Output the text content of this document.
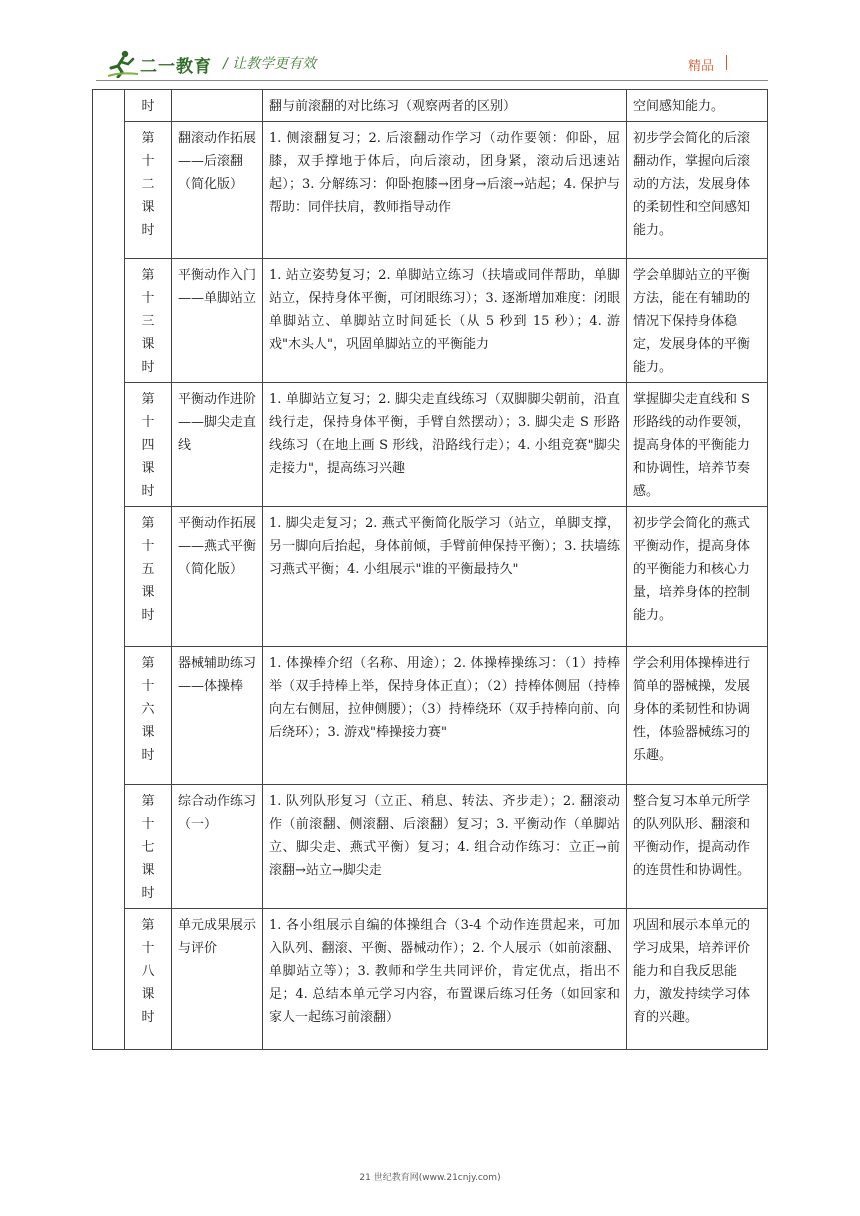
二一教育 / 让教学更有效	精品

	时		翻与前滚翻的对比练习（观察两者的区别）	空间感知能力。

	第
十
二
课
时	翻滚动作拓展——后滚翻（简化版）	1. 侧滚翻复习；2. 后滚翻动作学习（动作要领：仰卧，屈膝，双手撑地于体后，向后滚动，团身紧，滚动后迅速站起）；3. 分解练习：仰卧抱膝→团身→后滚→站起；4. 保护与帮助：同伴扶肩，教师指导动作	初步学会简化的后滚翻动作，掌握向后滚动的方法，发展身体的柔韧性和空间感知能力。

	第
十
三
课
时	平衡动作入门——单脚站立	1. 站立姿势复习；2. 单脚站立练习（扶墙或同伴帮助，单脚站立，保持身体平衡，可闭眼练习）；3. 逐渐增加难度：闭眼单脚站立、单脚站立时间延长（从 5 秒到 15 秒）；4. 游戏"木头人"，巩固单脚站立的平衡能力	学会单脚站立的平衡方法，能在有辅助的情况下保持身体稳定，发展身体的平衡能力。

	第
十
四
课
时	平衡动作进阶——脚尖走直线	1. 单脚站立复习；2. 脚尖走直线练习（双脚脚尖朝前，沿直线行走，保持身体平衡，手臂自然摆动）；3. 脚尖走 S 形路线练习（在地上画 S 形线，沿路线行走）；4. 小组竞赛"脚尖走接力"，提高练习兴趣	掌握脚尖走直线和 S 形路线的动作要领，提高身体的平衡能力和协调性，培养节奏感。

	第
十
五
课
时	平衡动作拓展——燕式平衡（简化版）	1. 脚尖走复习；2. 燕式平衡简化版学习（站立，单脚支撑，另一脚向后抬起，身体前倾，手臂前伸保持平衡）；3. 扶墙练习燕式平衡；4. 小组展示"谁的平衡最持久"	初步学会简化的燕式平衡动作，提高身体的平衡能力和核心力量，培养身体的控制能力。

	第
十
六
课
时	器械辅助练习——体操棒	1. 体操棒介绍（名称、用途）；2. 体操棒操练习：（1）持棒举（双手持棒上举，保持身体正直）；（2）持棒体侧屈（持棒向左右侧屈，拉伸侧腰）；（3）持棒绕环（双手持棒向前、向后绕环）；3. 游戏"棒操接力赛"	学会利用体操棒进行简单的器械操，发展身体的柔韧性和协调性，体验器械练习的乐趣。

	第
十
七
课
时	综合动作练习（一）	1. 队列队形复习（立正、稍息、转法、齐步走）；2. 翻滚动作（前滚翻、侧滚翻、后滚翻）复习；3. 平衡动作（单脚站立、脚尖走、燕式平衡）复习；4. 组合动作练习：立正→前滚翻→站立→脚尖走	整合复习本单元所学的队列队形、翻滚和平衡动作，提高动作的连贯性和协调性。

	第
十
八
课
时	单元成果展示与评价	1. 各小组展示自编的体操组合（3-4 个动作连贯起来，可加入队列、翻滚、平衡、器械动作）；2. 个人展示（如前滚翻、单脚站立等）；3. 教师和学生共同评价，肯定优点，指出不足；4. 总结本单元学习内容，布置课后练习任务（如回家和家人一起练习前滚翻）	巩固和展示本单元的学习成果，培养评价能力和自我反思能力，激发持续学习体育的兴趣。
21 世纪教育网(www.21cnjy.com)
